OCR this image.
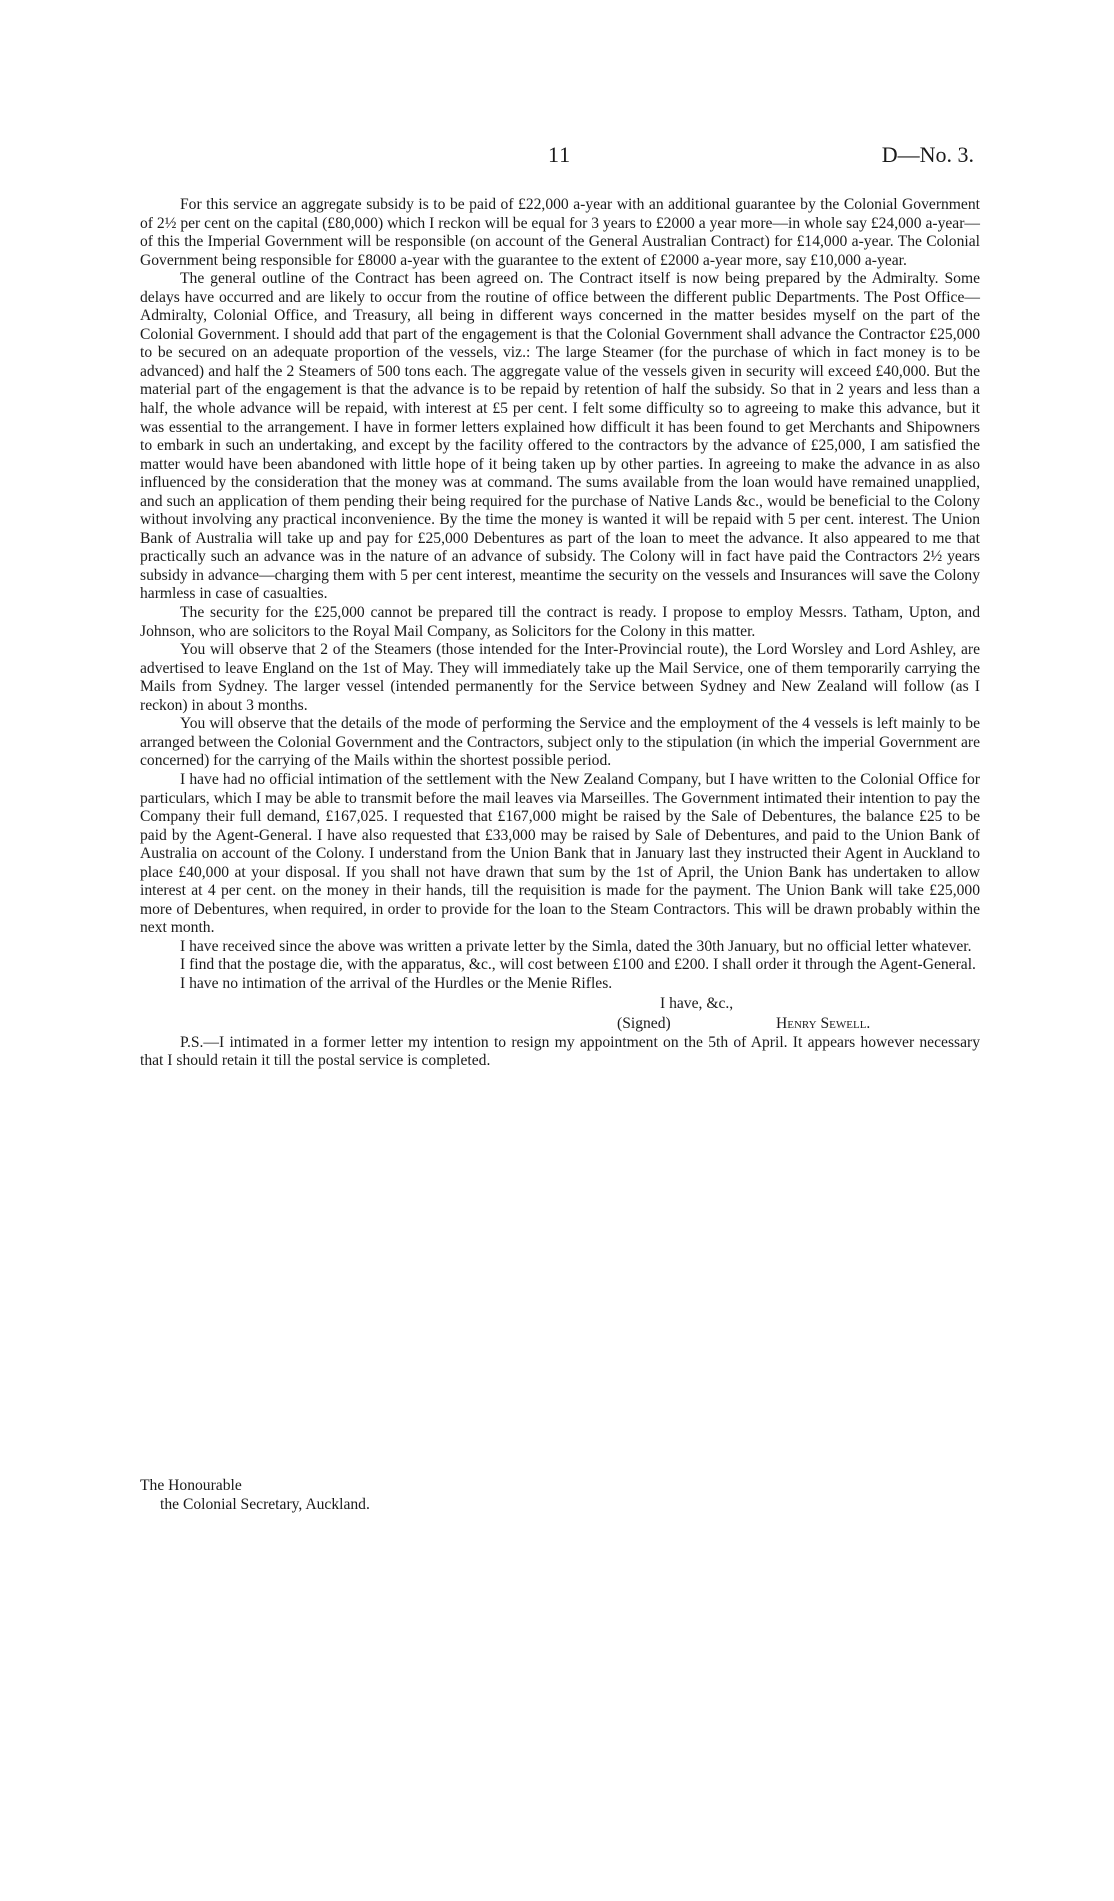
11	D—No. 3.

For this service an aggregate subsidy is to be paid of £22,000 a-year with an additional guarantee by the Colonial Government of 2½ per cent on the capital (£80,000) which I reckon will be equal for 3 years to £2000 a year more—in whole say £24,000 a-year—of this the Imperial Government will be responsible (on account of the General Australian Contract) for £14,000 a-year. The Colonial Government being responsible for £8000 a-year with the guarantee to the extent of £2000 a-year more, say £10,000 a-year.

The general outline of the Contract has been agreed on. The Contract itself is now being prepared by the Admiralty. Some delays have occurred and are likely to occur from the routine of office between the different public Departments. The Post Office—Admiralty, Colonial Office, and Treasury, all being in different ways concerned in the matter besides myself on the part of the Colonial Government. I should add that part of the engagement is that the Colonial Government shall advance the Contractor £25,000 to be secured on an adequate proportion of the vessels, viz.: The large Steamer (for the purchase of which in fact money is to be advanced) and half the 2 Steamers of 500 tons each. The aggregate value of the vessels given in security will exceed £40,000. But the material part of the engagement is that the advance is to be repaid by retention of half the subsidy. So that in 2 years and less than a half, the whole advance will be repaid, with interest at £5 per cent. I felt some difficulty so to agreeing to make this advance, but it was essential to the arrangement. I have in former letters explained how difficult it has been found to get Merchants and Shipowners to embark in such an undertaking, and except by the facility offered to the contractors by the advance of £25,000, I am satisfied the matter would have been abandoned with little hope of it being taken up by other parties. In agreeing to make the advance in as also influenced by the consideration that the money was at command. The sums available from the loan would have remained unapplied, and such an application of them pending their being required for the purchase of Native Lands &c., would be beneficial to the Colony without involving any practical inconvenience. By the time the money is wanted it will be repaid with 5 per cent. interest. The Union Bank of Australia will take up and pay for £25,000 Debentures as part of the loan to meet the advance. It also appeared to me that practically such an advance was in the nature of an advance of subsidy. The Colony will in fact have paid the Contractors 2½ years subsidy in advance—charging them with 5 per cent interest, meantime the security on the vessels and Insurances will save the Colony harmless in case of casualties.

The security for the £25,000 cannot be prepared till the contract is ready. I propose to employ Messrs. Tatham, Upton, and Johnson, who are solicitors to the Royal Mail Company, as Solicitors for the Colony in this matter.

You will observe that 2 of the Steamers (those intended for the Inter-Provincial route), the Lord Worsley and Lord Ashley, are advertised to leave England on the 1st of May. They will immediately take up the Mail Service, one of them temporarily carrying the Mails from Sydney. The larger vessel (intended permanently for the Service between Sydney and New Zealand will follow (as I reckon) in about 3 months.

You will observe that the details of the mode of performing the Service and the employment of the 4 vessels is left mainly to be arranged between the Colonial Government and the Contractors, subject only to the stipulation (in which the imperial Government are concerned) for the carrying of the Mails within the shortest possible period.

I have had no official intimation of the settlement with the New Zealand Company, but I have written to the Colonial Office for particulars, which I may be able to transmit before the mail leaves via Marseilles. The Government intimated their intention to pay the Company their full demand, £167,025. I requested that £167,000 might be raised by the Sale of Debentures, the balance £25 to be paid by the Agent-General. I have also requested that £33,000 may be raised by Sale of Debentures, and paid to the Union Bank of Australia on account of the Colony. I understand from the Union Bank that in January last they instructed their Agent in Auckland to place £40,000 at your disposal. If you shall not have drawn that sum by the 1st of April, the Union Bank has undertaken to allow interest at 4 per cent. on the money in their hands, till the requisition is made for the payment. The Union Bank will take £25,000 more of Debentures, when required, in order to provide for the loan to the Steam Contractors. This will be drawn probably within the next month.

I have received since the above was written a private letter by the Simla, dated the 30th January, but no official letter whatever.

I find that the postage die, with the apparatus, &c., will cost between £100 and £200. I shall order it through the Agent-General.

I have no intimation of the arrival of the Hurdles or the Menie Rifles.

I have, &c.,
(Signed)	Henry Sewell.

P.S.—I intimated in a former letter my intention to resign my appointment on the 5th of April. It appears however necessary that I should retain it till the postal service is completed.

The Honourable
the Colonial Secretary, Auckland.
